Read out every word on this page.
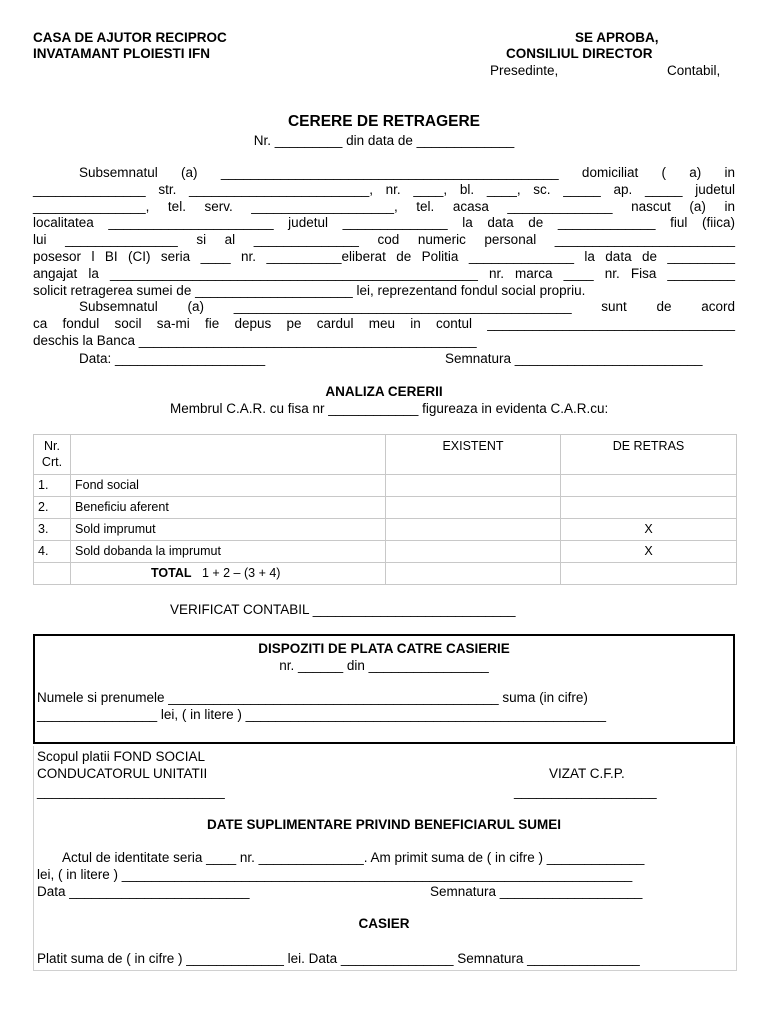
CASA DE AJUTOR RECIPROC
INVATAMANT PLOIESTI IFN
SE APROBA,
CONSILIUL DIRECTOR
Presedinte,	Contabil,
CERERE DE RETRAGERE
Nr. _________ din data de _____________
Subsemnatul (a) _____________________________________________ domiciliat ( a) in
_______________ str. ________________________, nr. ____, bl. ____, sc. _____ ap. _____ judetul
_______________, tel. serv. ___________________, tel. acasa ______________ nascut (a) in
localitatea ______________________ judetul ______________ la data de _____________ fiul (fiica)
lui _______________ si al ______________ cod numeric personal ________________________
posesor l BI (CI) seria ____ nr. __________eliberat de Politia ______________ la data de _________
angajat la _________________________________________________ nr. marca ____ nr. Fisa _________
solicit retragerea sumei de _____________________ lei, reprezentand fondul social propriu.
Subsemnatul (a) _____________________________________________ sunt de acord
ca fondul socil sa-mi fie depus pe cardul meu in contul _________________________________
deschis la Banca _____________________________________________
Data: ____________________	Semnatura _________________________
ANALIZA CERERII
Membrul C.A.R. cu fisa nr ____________ figureaza in evidenta C.A.R.cu:
Nr.
Crt.		EXISTENT	DE RETRAS
1.	Fond social		
2.	Beneficiu aferent		
3.	Sold imprumut		X
4.	Sold dobanda la imprumut		X
	TOTAL 1 + 2 – (3 + 4)		
VERIFICAT CONTABIL ___________________________
DISPOZITI DE PLATA CATRE CASIERIE
nr. ______ din ________________
Numele si prenumele ____________________________________________ suma (in cifre)
________________ lei, ( in litere ) ________________________________________________
Scopul platii FOND SOCIAL
CONDUCATORUL UNITATII
_________________________
VIZAT C.F.P.
___________________
DATE SUPLIMENTARE PRIVIND BENEFICIARUL SUMEI
Actul de identitate seria ____ nr. ______________. Am primit suma de ( in cifre ) _____________
lei, ( in litere ) ____________________________________________________________________
Data ________________________	Semnatura ___________________
CASIER
Platit suma de ( in cifre ) _____________ lei. Data _______________ Semnatura _______________
